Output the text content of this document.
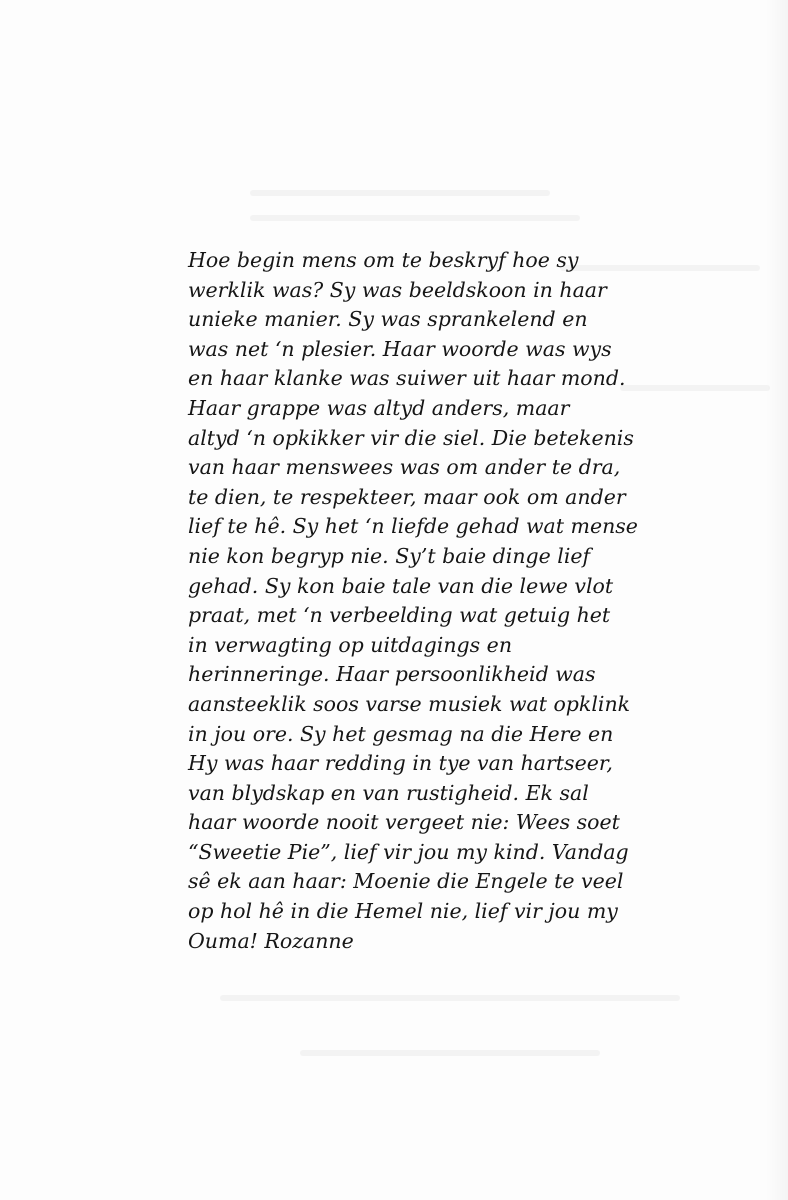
Hoe begin mens om te beskryf hoe sy
werklik was? Sy was beeldskoon in haar
unieke manier. Sy was sprankelend en
was net ‘n plesier. Haar woorde was wys
en haar klanke was suiwer uit haar mond.
Haar grappe was altyd anders, maar
altyd ‘n opkikker vir die siel. Die betekenis
van haar menswees was om ander te dra,
te dien, te respekteer, maar ook om ander
lief te hê. Sy het ‘n liefde gehad wat mense
nie kon begryp nie. Sy’t baie dinge lief
gehad. Sy kon baie tale van die lewe vlot
praat, met ‘n verbeelding wat getuig het
in verwagting op uitdagings en
herinneringe. Haar persoonlikheid was
aansteeklik soos varse musiek wat opklink
in jou ore. Sy het gesmag na die Here en
Hy was haar redding in tye van hartseer,
van blydskap en van rustigheid. Ek sal
haar woorde nooit vergeet nie: Wees soet
“Sweetie Pie”, lief vir jou my kind. Vandag
sê ek aan haar: Moenie die Engele te veel
op hol hê in die Hemel nie, lief vir jou my
Ouma! Rozanne
